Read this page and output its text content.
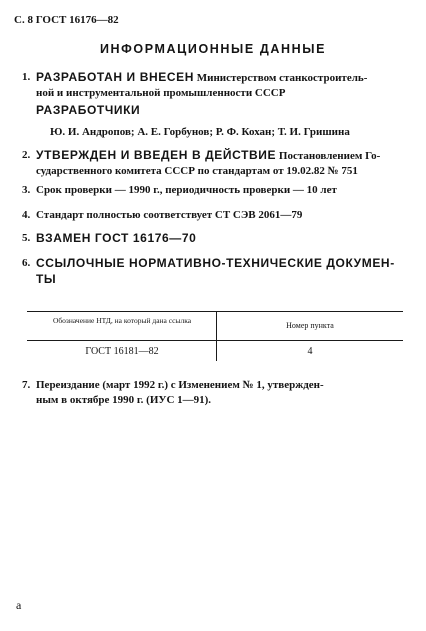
С. 8 ГОСТ 16176—82
ИНФОРМАЦИОННЫЕ ДАННЫЕ
1. РАЗРАБОТАН И ВНЕСЕН Министерством станкостроитель-
ной и инструментальной промышленности СССР
РАЗРАБОТЧИКИ
Ю. И. Андропов; А. Е. Горбунов; Р. Ф. Кохан; Т. И. Гришина
2. УТВЕРЖДЕН И ВВЕДЕН В ДЕЙСТВИЕ Постановлением Го-
сударственного комитета СССР по стандартам от 19.02.82 № 751
3. Срок проверки — 1990 г., периодичность проверки — 10 лет
4. Стандарт полностью соответствует СТ СЭВ 2061—79
5. ВЗАМЕН ГОСТ 16176—70
6. ССЫЛОЧНЫЕ НОРМАТИВНО-ТЕХНИЧЕСКИЕ ДОКУМЕН-
ТЫ
Обозначение НТД, на который дана ссылка
Номер пункта
ГОСТ 16181—82	4
7. Переиздание (март 1992 г.) с Изменением № 1, утвержден-
ным в октябре 1990 г. (ИУС 1—91).
а
